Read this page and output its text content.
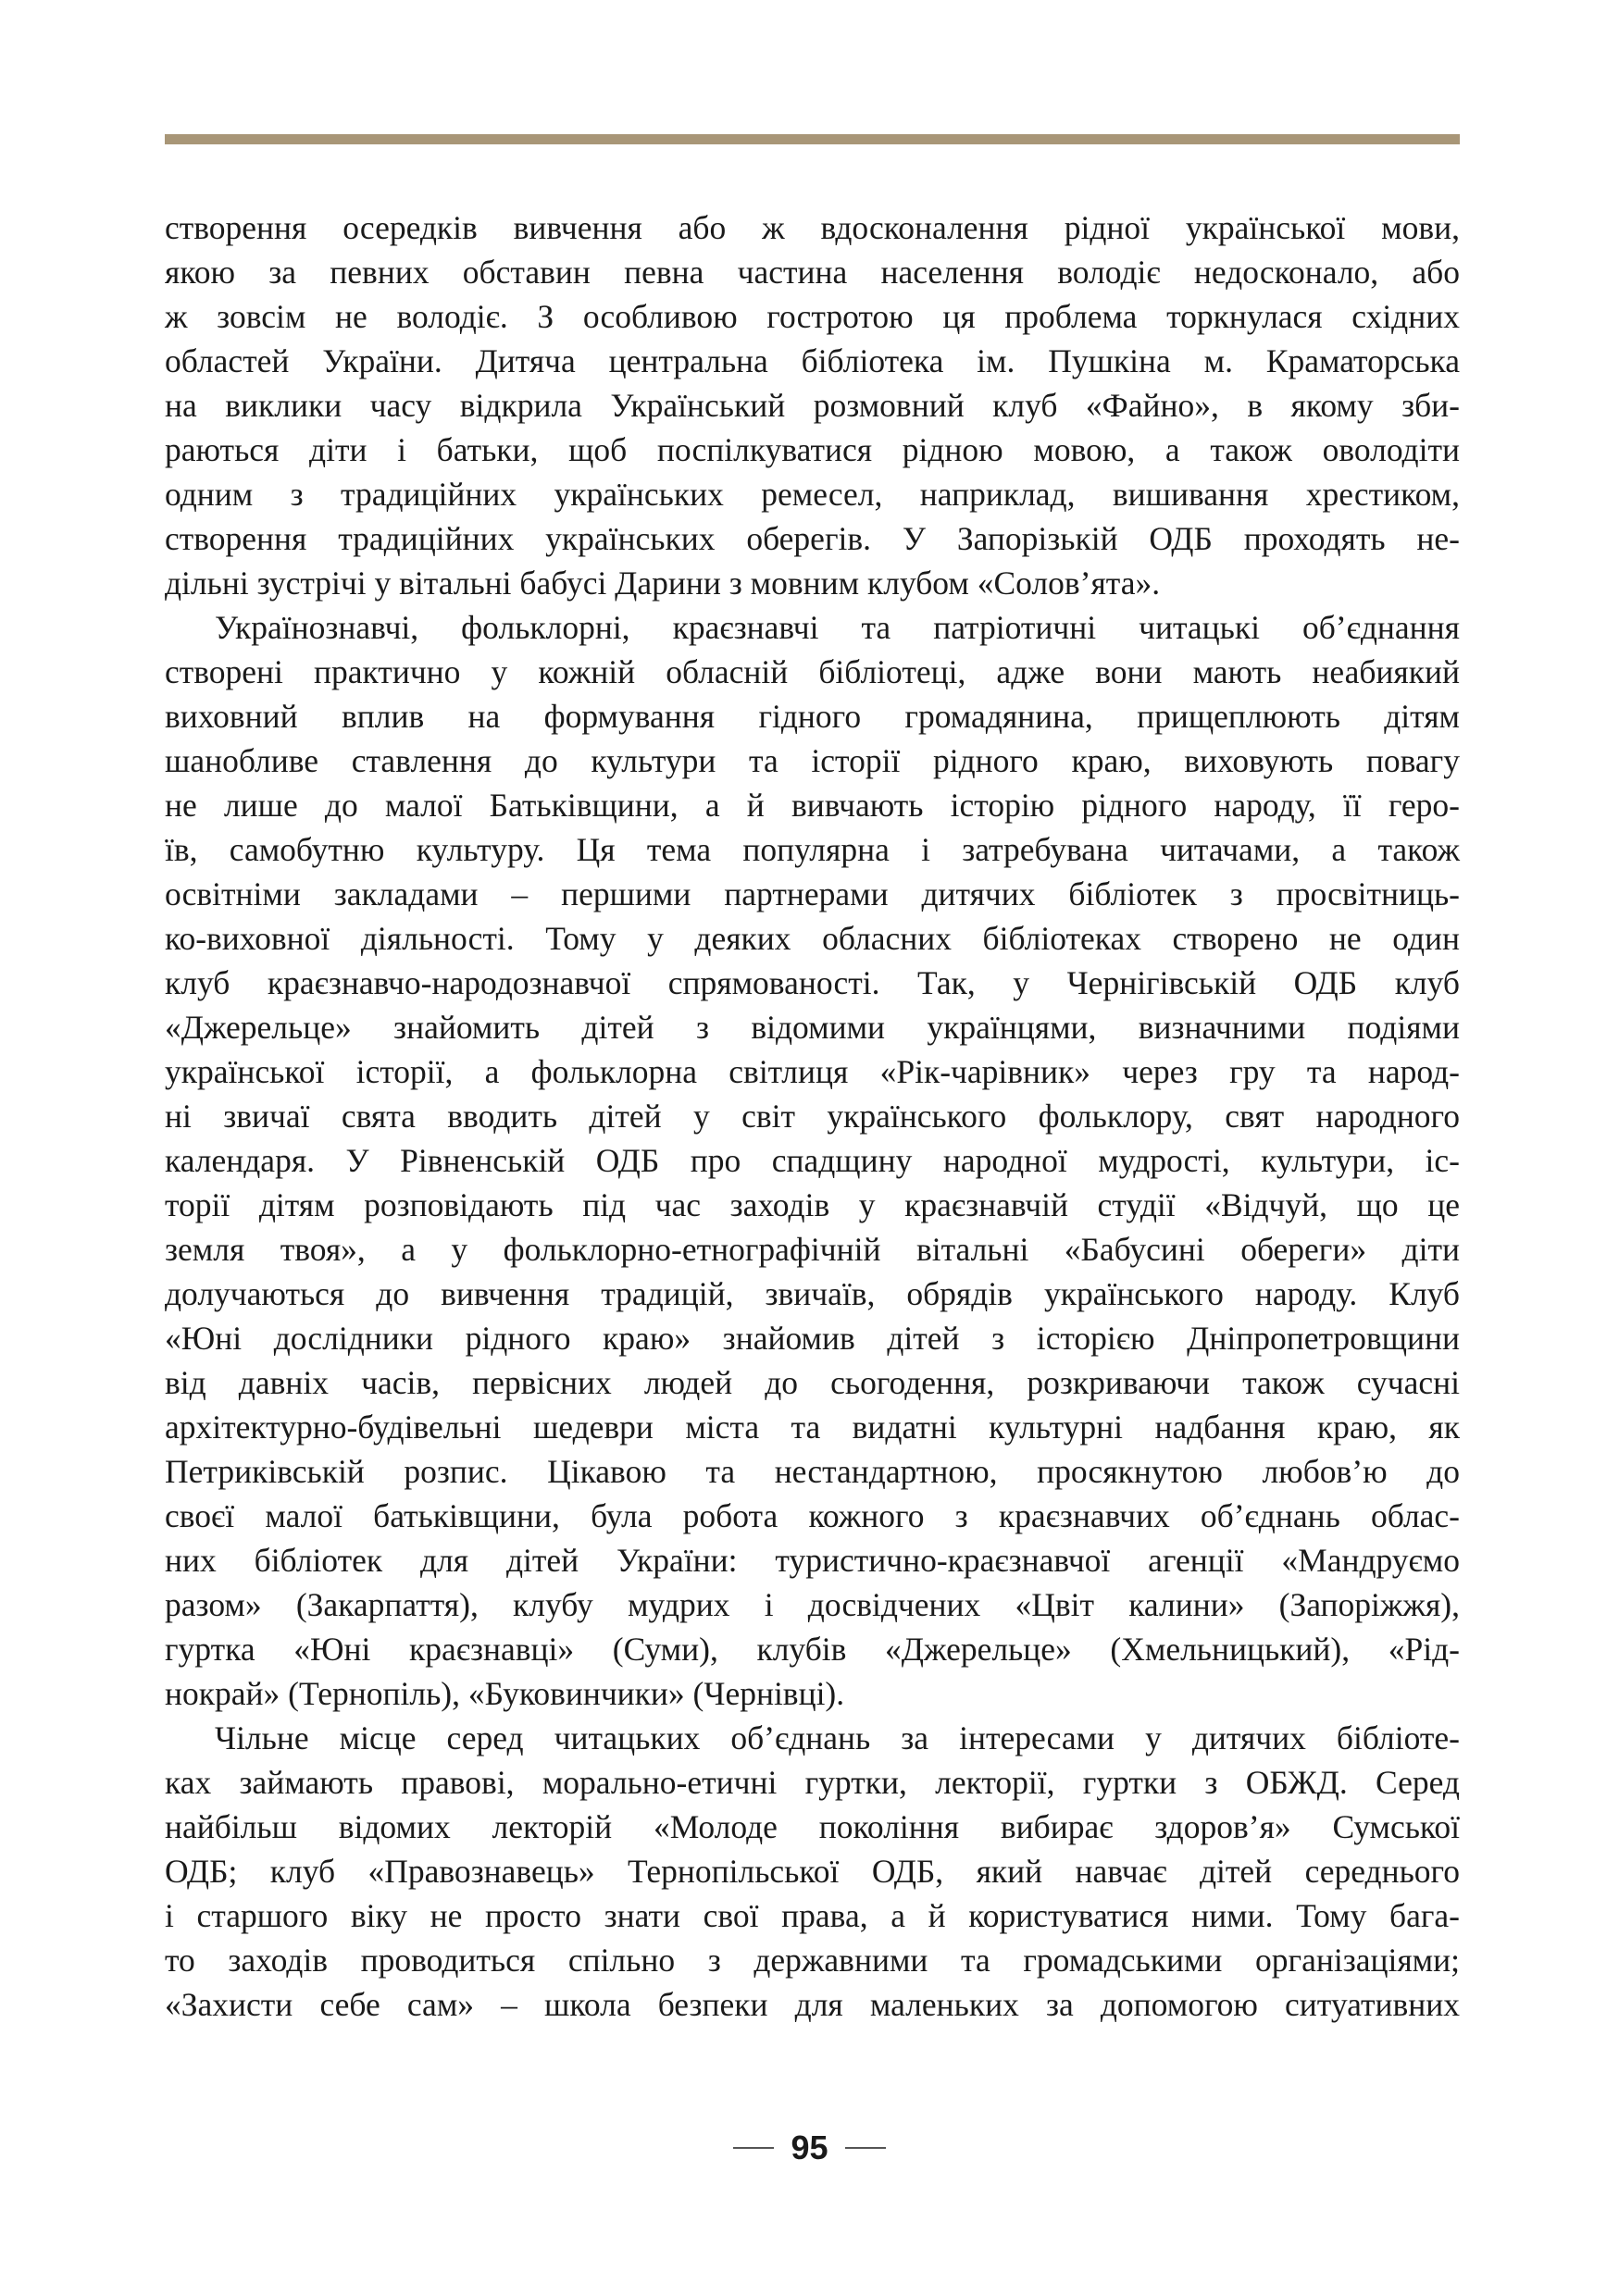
створення осередків вивчення або ж вдосконалення рідної української мови,
якою за певних обставин певна частина населення володіє недосконало, або
ж зовсім не володіє. З особливою гостротою ця проблема торкнулася східних
областей України. Дитяча центральна бібліотека ім. Пушкіна м. Краматорська
на виклики часу відкрила Український розмовний клуб «Файно», в якому зби-
раються діти і батьки, щоб поспілкуватися рідною мовою, а також оволодіти
одним з традиційних українських ремесел, наприклад, вишивання хрестиком,
створення традиційних українських оберегів. У Запорізькій ОДБ проходять не-
дільні зустрічі у вітальні бабусі Дарини з мовним клубом «Солов’ята».

Українознавчі, фольклорні, краєзнавчі та патріотичні читацькі об’єднання
створені практично у кожній обласній бібліотеці, адже вони мають неабиякий
виховний вплив на формування гідного громадянина, прищеплюють дітям
шанобливе ставлення до культури та історії рідного краю, виховують повагу
не лише до малої Батьківщини, а й вивчають історію рідного народу, її геро-
їв, самобутню культуру. Ця тема популярна і затребувана читачами, а також
освітніми закладами – першими партнерами дитячих бібліотек з просвітниць-
ко-виховної діяльності. Тому у деяких обласних бібліотеках створено не один
клуб краєзнавчо-народознавчої спрямованості. Так, у Чернігівській ОДБ клуб
«Джерельце» знайомить дітей з відомими українцями, визначними подіями
української історії, а фольклорна світлиця «Рік-чарівник» через гру та народ-
ні звичаї свята вводить дітей у світ українського фольклору, свят народного
календаря. У Рівненській ОДБ про спадщину народної мудрості, культури, іс-
торії дітям розповідають під час заходів у краєзнавчій студії «Відчуй, що це
земля твоя», а у фольклорно-етнографічній вітальні «Бабусині обереги» діти
долучаються до вивчення традицій, звичаїв, обрядів українського народу. Клуб
«Юні дослідники рідного краю» знайомив дітей з історією Дніпропетровщини
від давніх часів, первісних людей до сьогодення, розкриваючи також сучасні
архітектурно-будівельні шедеври міста та видатні культурні надбання краю, як
Петриківській розпис. Цікавою та нестандартною, просякнутою любов’ю до
своєї малої батьківщини, була робота кожного з краєзнавчих об’єднань облас-
них бібліотек для дітей України: туристично-краєзнавчої агенції «Мандруємо
разом» (Закарпаття), клубу мудрих і досвідчених «Цвіт калини» (Запоріжжя),
гуртка «Юні краєзнавці» (Суми), клубів «Джерельце» (Хмельницький), «Рід-
нокрай» (Тернопіль), «Буковинчики» (Чернівці).

Чільне місце серед читацьких об’єднань за інтересами у дитячих бібліоте-
ках займають правові, морально-етичні гуртки, лекторії, гуртки з ОБЖД. Серед
найбільш відомих лекторій «Молоде покоління вибирає здоров’я» Сумської
ОДБ; клуб «Правознавець» Тернопільської ОДБ, який навчає дітей середнього
і старшого віку не просто знати свої права, а й користуватися ними. Тому бага-
то заходів проводиться спільно з державними та громадськими організаціями;
«Захисти себе сам» – школа безпеки для маленьких за допомогою ситуативних

95
